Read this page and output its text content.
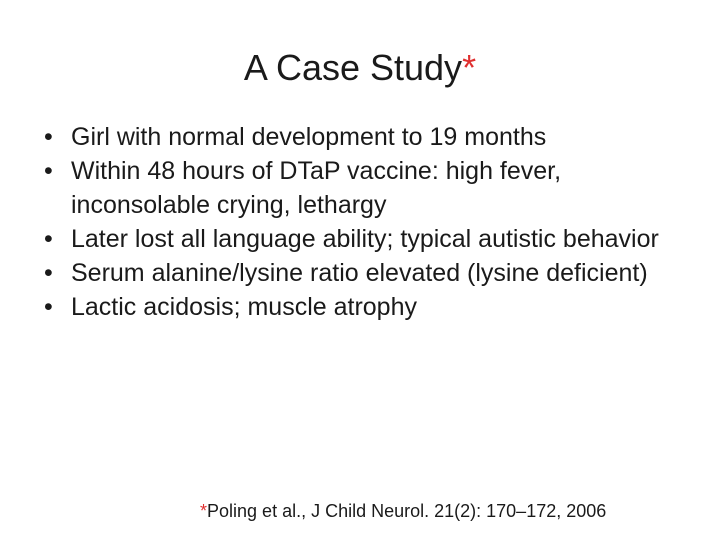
A Case Study*
• Girl with normal development to 19 months
• Within 48 hours of DTaP vaccine: high fever, inconsolable crying, lethargy
• Later lost all language ability; typical autistic behavior
• Serum alanine/lysine ratio elevated (lysine deficient)
• Lactic acidosis; muscle atrophy
*Poling et al., J Child Neurol. 21(2): 170–172, 2006
